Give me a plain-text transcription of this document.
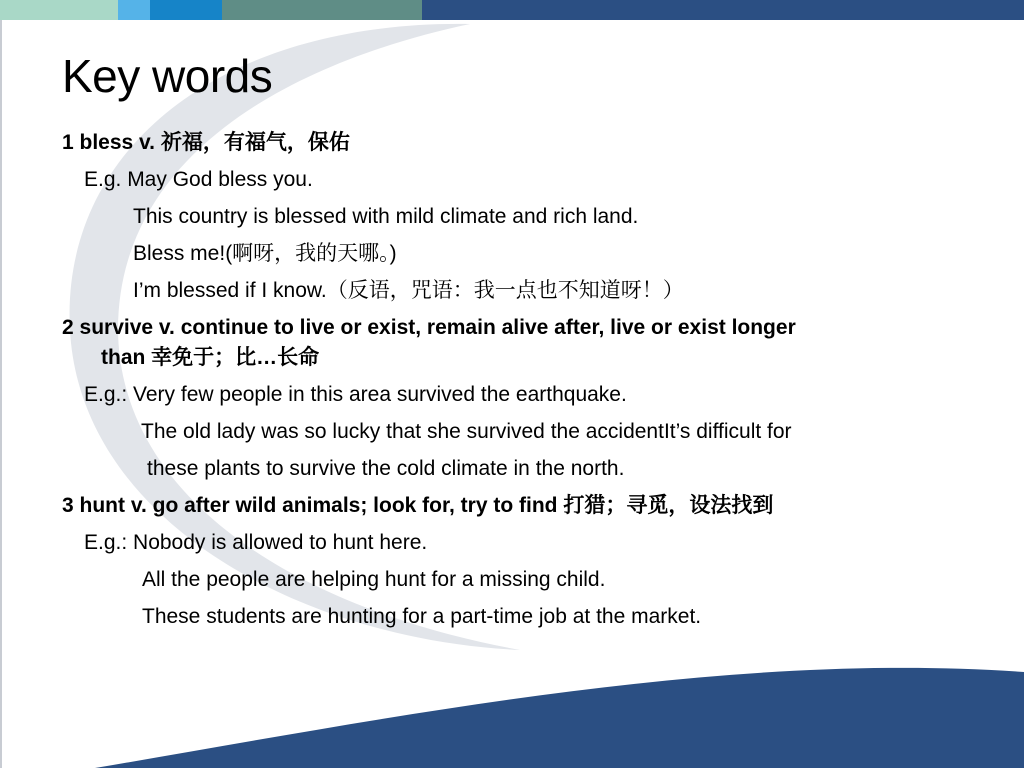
Key words
1 bless v. 祈福，有福气，保佑
E.g. May God bless you.
This country is blessed with mild climate and rich land.
Bless me!(啊呀，我的天哪。)
I’m blessed if I know.（反语，咒语：我一点也不知道呀！）
2 survive v. continue to live or exist, remain alive after, live or exist longer
than 幸免于；比…长命
E.g.: Very few people in this area survived the earthquake.
The old lady was so lucky that she survived the accidentIt’s difficult for
these plants to survive the cold climate in the north.
3 hunt v. go after wild animals; look for, try to find 打猎；寻觅，设法找到
E.g.: Nobody is allowed to hunt here.
All the people are helping hunt for a missing child.
These students are hunting for a part-time job at the market.
